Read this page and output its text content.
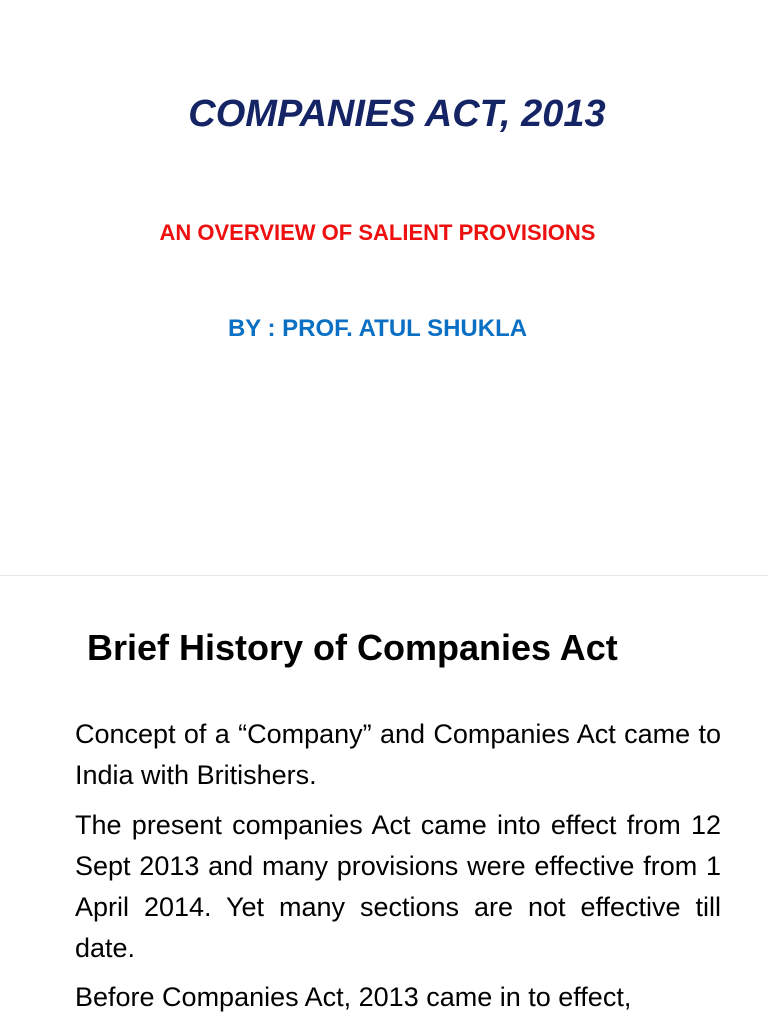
COMPANIES ACT, 2013
AN OVERVIEW OF SALIENT PROVISIONS
BY : PROF. ATUL SHUKLA
Brief History of Companies Act

Concept of a “Company” and Companies Act came to India with Britishers.

The present companies Act came into effect from 12 Sept 2013 and many provisions were effective from 1 April 2014. Yet many sections are not effective till date.

Before Companies Act, 2013 came in to effect,
